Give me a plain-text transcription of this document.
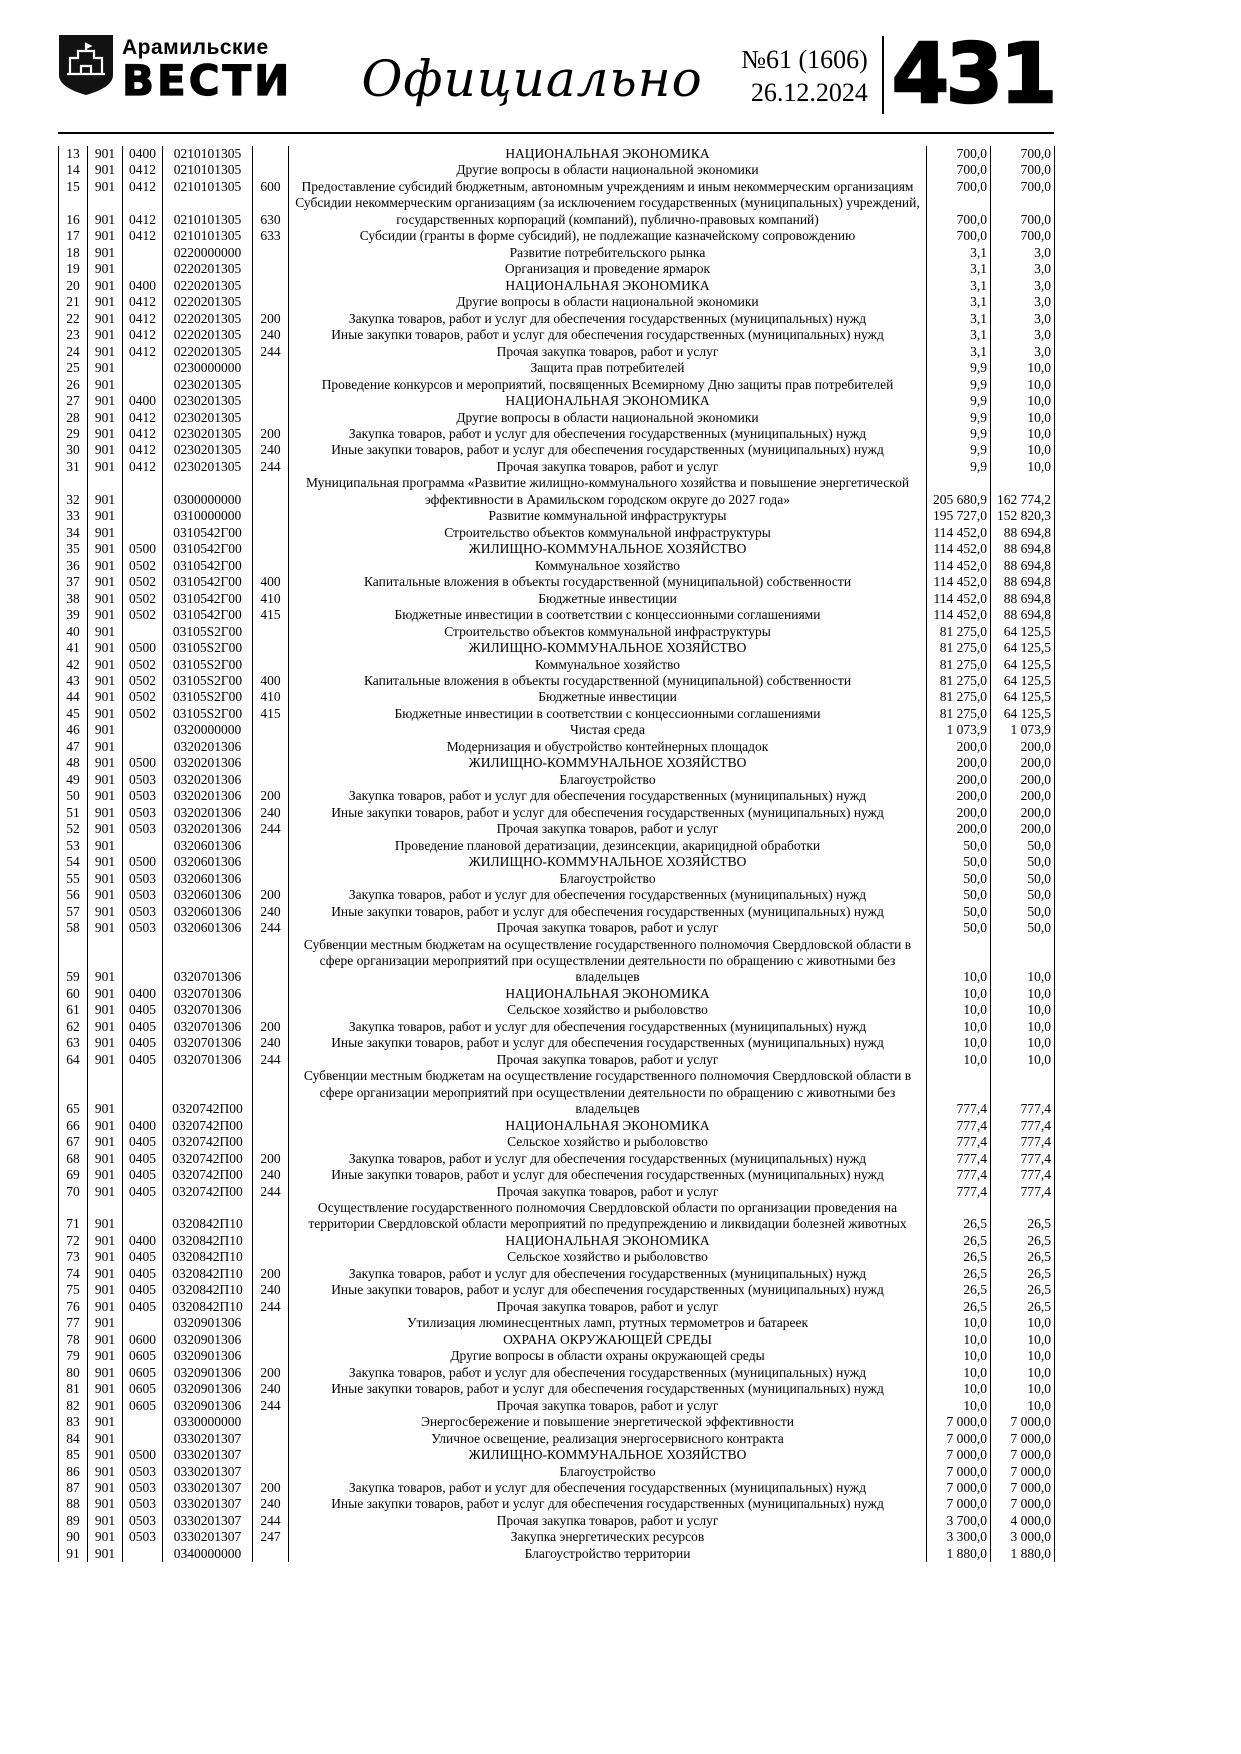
Арамильские
ВЕСТИ	Официально	№61 (1606)
26.12.2024 431
13	901	0400	0210101305		НАЦИОНАЛЬНАЯ ЭКОНОМИКА	700,0	700,0
14	901	0412	0210101305		Другие вопросы в области национальной экономики	700,0	700,0
15	901	0412	0210101305	600	Предоставление субсидий бюджетным, автономным учреждениям и иным некоммерческим организациям	700,0	700,0
16	901	0412	0210101305	630	Субсидии некоммерческим организациям (за исключением государственных (муниципальных) учреждений, государственных корпораций (компаний), публично-правовых компаний)	700,0	700,0
17	901	0412	0210101305	633	Субсидии (гранты в форме субсидий), не подлежащие казначейскому сопровождению	700,0	700,0
18	901		0220000000		Развитие потребительского рынка	3,1	3,0
19	901		0220201305		Организация и проведение ярмарок	3,1	3,0
20	901	0400	0220201305		НАЦИОНАЛЬНАЯ ЭКОНОМИКА	3,1	3,0
21	901	0412	0220201305		Другие вопросы в области национальной экономики	3,1	3,0
22	901	0412	0220201305	200	Закупка товаров, работ и услуг для обеспечения государственных (муниципальных) нужд	3,1	3,0
23	901	0412	0220201305	240	Иные закупки товаров, работ и услуг для обеспечения государственных (муниципальных) нужд	3,1	3,0
24	901	0412	0220201305	244	Прочая закупка товаров, работ и услуг	3,1	3,0
25	901		0230000000		Защита прав потребителей	9,9	10,0
26	901		0230201305		Проведение конкурсов и мероприятий, посвященных Всемирному Дню защиты прав потребителей	9,9	10,0
27	901	0400	0230201305		НАЦИОНАЛЬНАЯ ЭКОНОМИКА	9,9	10,0
28	901	0412	0230201305		Другие вопросы в области национальной экономики	9,9	10,0
29	901	0412	0230201305	200	Закупка товаров, работ и услуг для обеспечения государственных (муниципальных) нужд	9,9	10,0
30	901	0412	0230201305	240	Иные закупки товаров, работ и услуг для обеспечения государственных (муниципальных) нужд	9,9	10,0
31	901	0412	0230201305	244	Прочая закупка товаров, работ и услуг	9,9	10,0
32	901		0300000000		Муниципальная программа «Развитие жилищно-коммунального хозяйства и повышение энергетической эффективности в Арамильском городском округе до 2027 года»	205 680,9	162 774,2
33	901		0310000000		Развитие коммунальной инфраструктуры	195 727,0	152 820,3
34	901		0310542Г00		Строительство объектов коммунальной инфраструктуры	114 452,0	88 694,8
35	901	0500	0310542Г00		ЖИЛИЩНО-КОММУНАЛЬНОЕ ХОЗЯЙСТВО	114 452,0	88 694,8
36	901	0502	0310542Г00		Коммунальное хозяйство	114 452,0	88 694,8
37	901	0502	0310542Г00	400	Капитальные вложения в объекты государственной (муниципальной) собственности	114 452,0	88 694,8
38	901	0502	0310542Г00	410	Бюджетные инвестиции	114 452,0	88 694,8
39	901	0502	0310542Г00	415	Бюджетные инвестиции в соответствии с концессионными соглашениями	114 452,0	88 694,8
40	901		03105S2Г00		Строительство объектов коммунальной инфраструктуры	81 275,0	64 125,5
41	901	0500	03105S2Г00		ЖИЛИЩНО-КОММУНАЛЬНОЕ ХОЗЯЙСТВО	81 275,0	64 125,5
42	901	0502	03105S2Г00		Коммунальное хозяйство	81 275,0	64 125,5
43	901	0502	03105S2Г00	400	Капитальные вложения в объекты государственной (муниципальной) собственности	81 275,0	64 125,5
44	901	0502	03105S2Г00	410	Бюджетные инвестиции	81 275,0	64 125,5
45	901	0502	03105S2Г00	415	Бюджетные инвестиции в соответствии с концессионными соглашениями	81 275,0	64 125,5
46	901		0320000000		Чистая среда	1 073,9	1 073,9
47	901		0320201306		Модернизация и обустройство контейнерных площадок	200,0	200,0
48	901	0500	0320201306		ЖИЛИЩНО-КОММУНАЛЬНОЕ ХОЗЯЙСТВО	200,0	200,0
49	901	0503	0320201306		Благоустройство	200,0	200,0
50	901	0503	0320201306	200	Закупка товаров, работ и услуг для обеспечения государственных (муниципальных) нужд	200,0	200,0
51	901	0503	0320201306	240	Иные закупки товаров, работ и услуг для обеспечения государственных (муниципальных) нужд	200,0	200,0
52	901	0503	0320201306	244	Прочая закупка товаров, работ и услуг	200,0	200,0
53	901		0320601306		Проведение плановой дератизации, дезинсекции, акарицидной обработки	50,0	50,0
54	901	0500	0320601306		ЖИЛИЩНО-КОММУНАЛЬНОЕ ХОЗЯЙСТВО	50,0	50,0
55	901	0503	0320601306		Благоустройство	50,0	50,0
56	901	0503	0320601306	200	Закупка товаров, работ и услуг для обеспечения государственных (муниципальных) нужд	50,0	50,0
57	901	0503	0320601306	240	Иные закупки товаров, работ и услуг для обеспечения государственных (муниципальных) нужд	50,0	50,0
58	901	0503	0320601306	244	Прочая закупка товаров, работ и услуг	50,0	50,0
59	901		0320701306		Субвенции местным бюджетам на осуществление государственного полномочия Свердловской области в сфере организации мероприятий при осуществлении деятельности по обращению с животными без владельцев	10,0	10,0
60	901	0400	0320701306		НАЦИОНАЛЬНАЯ ЭКОНОМИКА	10,0	10,0
61	901	0405	0320701306		Сельское хозяйство и рыболовство	10,0	10,0
62	901	0405	0320701306	200	Закупка товаров, работ и услуг для обеспечения государственных (муниципальных) нужд	10,0	10,0
63	901	0405	0320701306	240	Иные закупки товаров, работ и услуг для обеспечения государственных (муниципальных) нужд	10,0	10,0
64	901	0405	0320701306	244	Прочая закупка товаров, работ и услуг	10,0	10,0
65	901		0320742П00		Субвенции местным бюджетам на осуществление государственного полномочия Свердловской области в сфере организации мероприятий при осуществлении деятельности по обращению с животными без владельцев	777,4	777,4
66	901	0400	0320742П00		НАЦИОНАЛЬНАЯ ЭКОНОМИКА	777,4	777,4
67	901	0405	0320742П00		Сельское хозяйство и рыболовство	777,4	777,4
68	901	0405	0320742П00	200	Закупка товаров, работ и услуг для обеспечения государственных (муниципальных) нужд	777,4	777,4
69	901	0405	0320742П00	240	Иные закупки товаров, работ и услуг для обеспечения государственных (муниципальных) нужд	777,4	777,4
70	901	0405	0320742П00	244	Прочая закупка товаров, работ и услуг	777,4	777,4
71	901		0320842П10		Осуществление государственного полномочия Свердловской области по организации проведения на территории Свердловской области мероприятий по предупреждению и ликвидации болезней животных	26,5	26,5
72	901	0400	0320842П10		НАЦИОНАЛЬНАЯ ЭКОНОМИКА	26,5	26,5
73	901	0405	0320842П10		Сельское хозяйство и рыболовство	26,5	26,5
74	901	0405	0320842П10	200	Закупка товаров, работ и услуг для обеспечения государственных (муниципальных) нужд	26,5	26,5
75	901	0405	0320842П10	240	Иные закупки товаров, работ и услуг для обеспечения государственных (муниципальных) нужд	26,5	26,5
76	901	0405	0320842П10	244	Прочая закупка товаров, работ и услуг	26,5	26,5
77	901		0320901306		Утилизация люминесцентных ламп, ртутных термометров и батареек	10,0	10,0
78	901	0600	0320901306		ОХРАНА ОКРУЖАЮЩЕЙ СРЕДЫ	10,0	10,0
79	901	0605	0320901306		Другие вопросы в области охраны окружающей среды	10,0	10,0
80	901	0605	0320901306	200	Закупка товаров, работ и услуг для обеспечения государственных (муниципальных) нужд	10,0	10,0
81	901	0605	0320901306	240	Иные закупки товаров, работ и услуг для обеспечения государственных (муниципальных) нужд	10,0	10,0
82	901	0605	0320901306	244	Прочая закупка товаров, работ и услуг	10,0	10,0
83	901		0330000000		Энергосбережение и повышение энергетической эффективности	7 000,0	7 000,0
84	901		0330201307		Уличное освещение, реализация энергосервисного контракта	7 000,0	7 000,0
85	901	0500	0330201307		ЖИЛИЩНО-КОММУНАЛЬНОЕ ХОЗЯЙСТВО	7 000,0	7 000,0
86	901	0503	0330201307		Благоустройство	7 000,0	7 000,0
87	901	0503	0330201307	200	Закупка товаров, работ и услуг для обеспечения государственных (муниципальных) нужд	7 000,0	7 000,0
88	901	0503	0330201307	240	Иные закупки товаров, работ и услуг для обеспечения государственных (муниципальных) нужд	7 000,0	7 000,0
89	901	0503	0330201307	244	Прочая закупка товаров, работ и услуг	3 700,0	4 000,0
90	901	0503	0330201307	247	Закупка энергетических ресурсов	3 300,0	3 000,0
91	901		0340000000		Благоустройство территории	1 880,0	1 880,0
